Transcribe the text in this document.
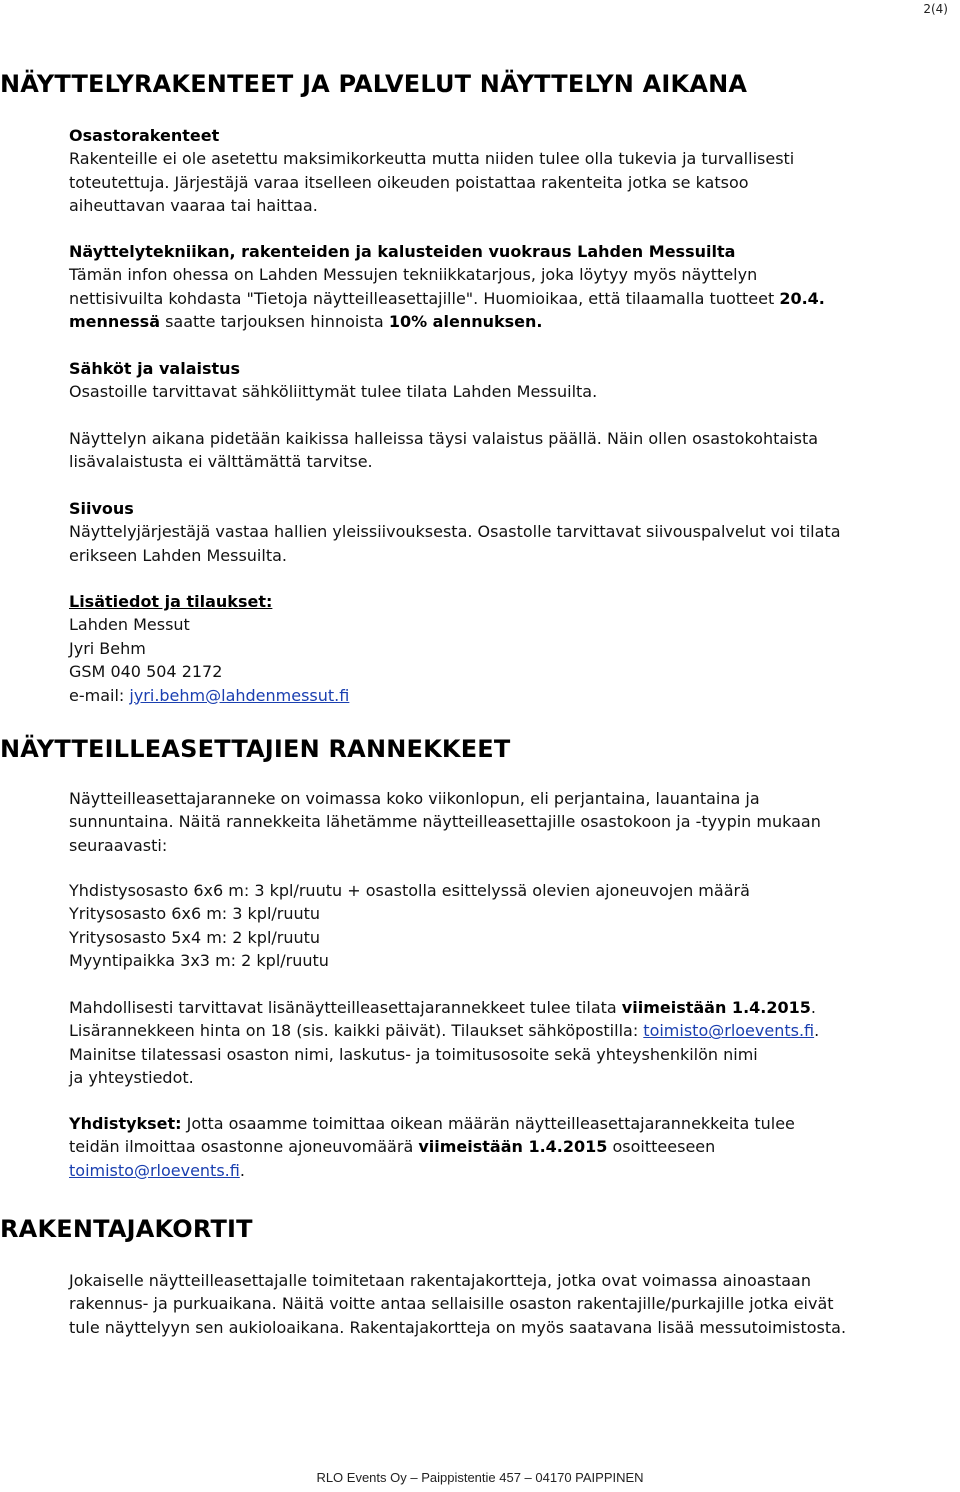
2(4)
NÄYTTELYRAKENTEET JA PALVELUT NÄYTTELYN AIKANA
Osastorakenteet
Rakenteille ei ole asetettu maksimikorkeutta mutta niiden tulee olla tukevia ja turvallisesti
toteutettuja. Järjestäjä varaa itselleen oikeuden poistattaa rakenteita jotka se katsoo
aiheuttavan vaaraa tai haittaa.
Näyttelytekniikan, rakenteiden ja kalusteiden vuokraus Lahden Messuilta
Tämän infon ohessa on Lahden Messujen tekniikkatarjous, joka löytyy myös näyttelyn
nettisivuilta kohdasta "Tietoja näytteilleasettajille". Huomioikaa, että tilaamalla tuotteet 20.4.
mennessä saatte tarjouksen hinnoista 10% alennuksen.
Sähköt ja valaistus
Osastoille tarvittavat sähköliittymät tulee tilata Lahden Messuilta.
Näyttelyn aikana pidetään kaikissa halleissa täysi valaistus päällä. Näin ollen osastokohtaista
lisävalaistusta ei välttämättä tarvitse.
Siivous
Näyttelyjärjestäjä vastaa hallien yleissiivouksesta. Osastolle tarvittavat siivouspalvelut voi tilata
erikseen Lahden Messuilta.
Lisätiedot ja tilaukset:
Lahden Messut
Jyri Behm
GSM 040 504 2172
e-mail: jyri.behm@lahdenmessut.fi
NÄYTTEILLEASETTAJIEN RANNEKKEET
Näytteilleasettajaranneke on voimassa koko viikonlopun, eli perjantaina, lauantaina ja
sunnuntaina. Näitä rannekkeita lähetämme näytteilleasettajille osastokoon ja -tyypin mukaan
seuraavasti:
Yhdistysosasto 6x6 m: 3 kpl/ruutu + osastolla esittelyssä olevien ajoneuvojen määrä
Yritysosasto 6x6 m: 3 kpl/ruutu
Yritysosasto 5x4 m: 2 kpl/ruutu
Myyntipaikka 3x3 m: 2 kpl/ruutu
Mahdollisesti tarvittavat lisänäytteilleasettajarannekkeet tulee tilata viimeistään 1.4.2015.
Lisärannekkeen hinta on 18 (sis. kaikki päivät). Tilaukset sähköpostilla: toimisto@rloevents.fi.
Mainitse tilatessasi osaston nimi, laskutus- ja toimitusosoite sekä yhteyshenkilön nimi
ja yhteystiedot.
Yhdistykset: Jotta osaamme toimittaa oikean määrän näytteilleasettajarannekkeita tulee
teidän ilmoittaa osastonne ajoneuvomäärä viimeistään 1.4.2015 osoitteeseen
toimisto@rloevents.fi.
RAKENTAJAKORTIT
Jokaiselle näytteilleasettajalle toimitetaan rakentajakortteja, jotka ovat voimassa ainoastaan
rakennus- ja purkuaikana. Näitä voitte antaa sellaisille osaston rakentajille/purkajille jotka eivät
tule näyttelyyn sen aukioloaikana. Rakentajakortteja on myös saatavana lisää messutoimistosta.
RLO Events Oy – Paippistentie 457 – 04170 PAIPPINEN
